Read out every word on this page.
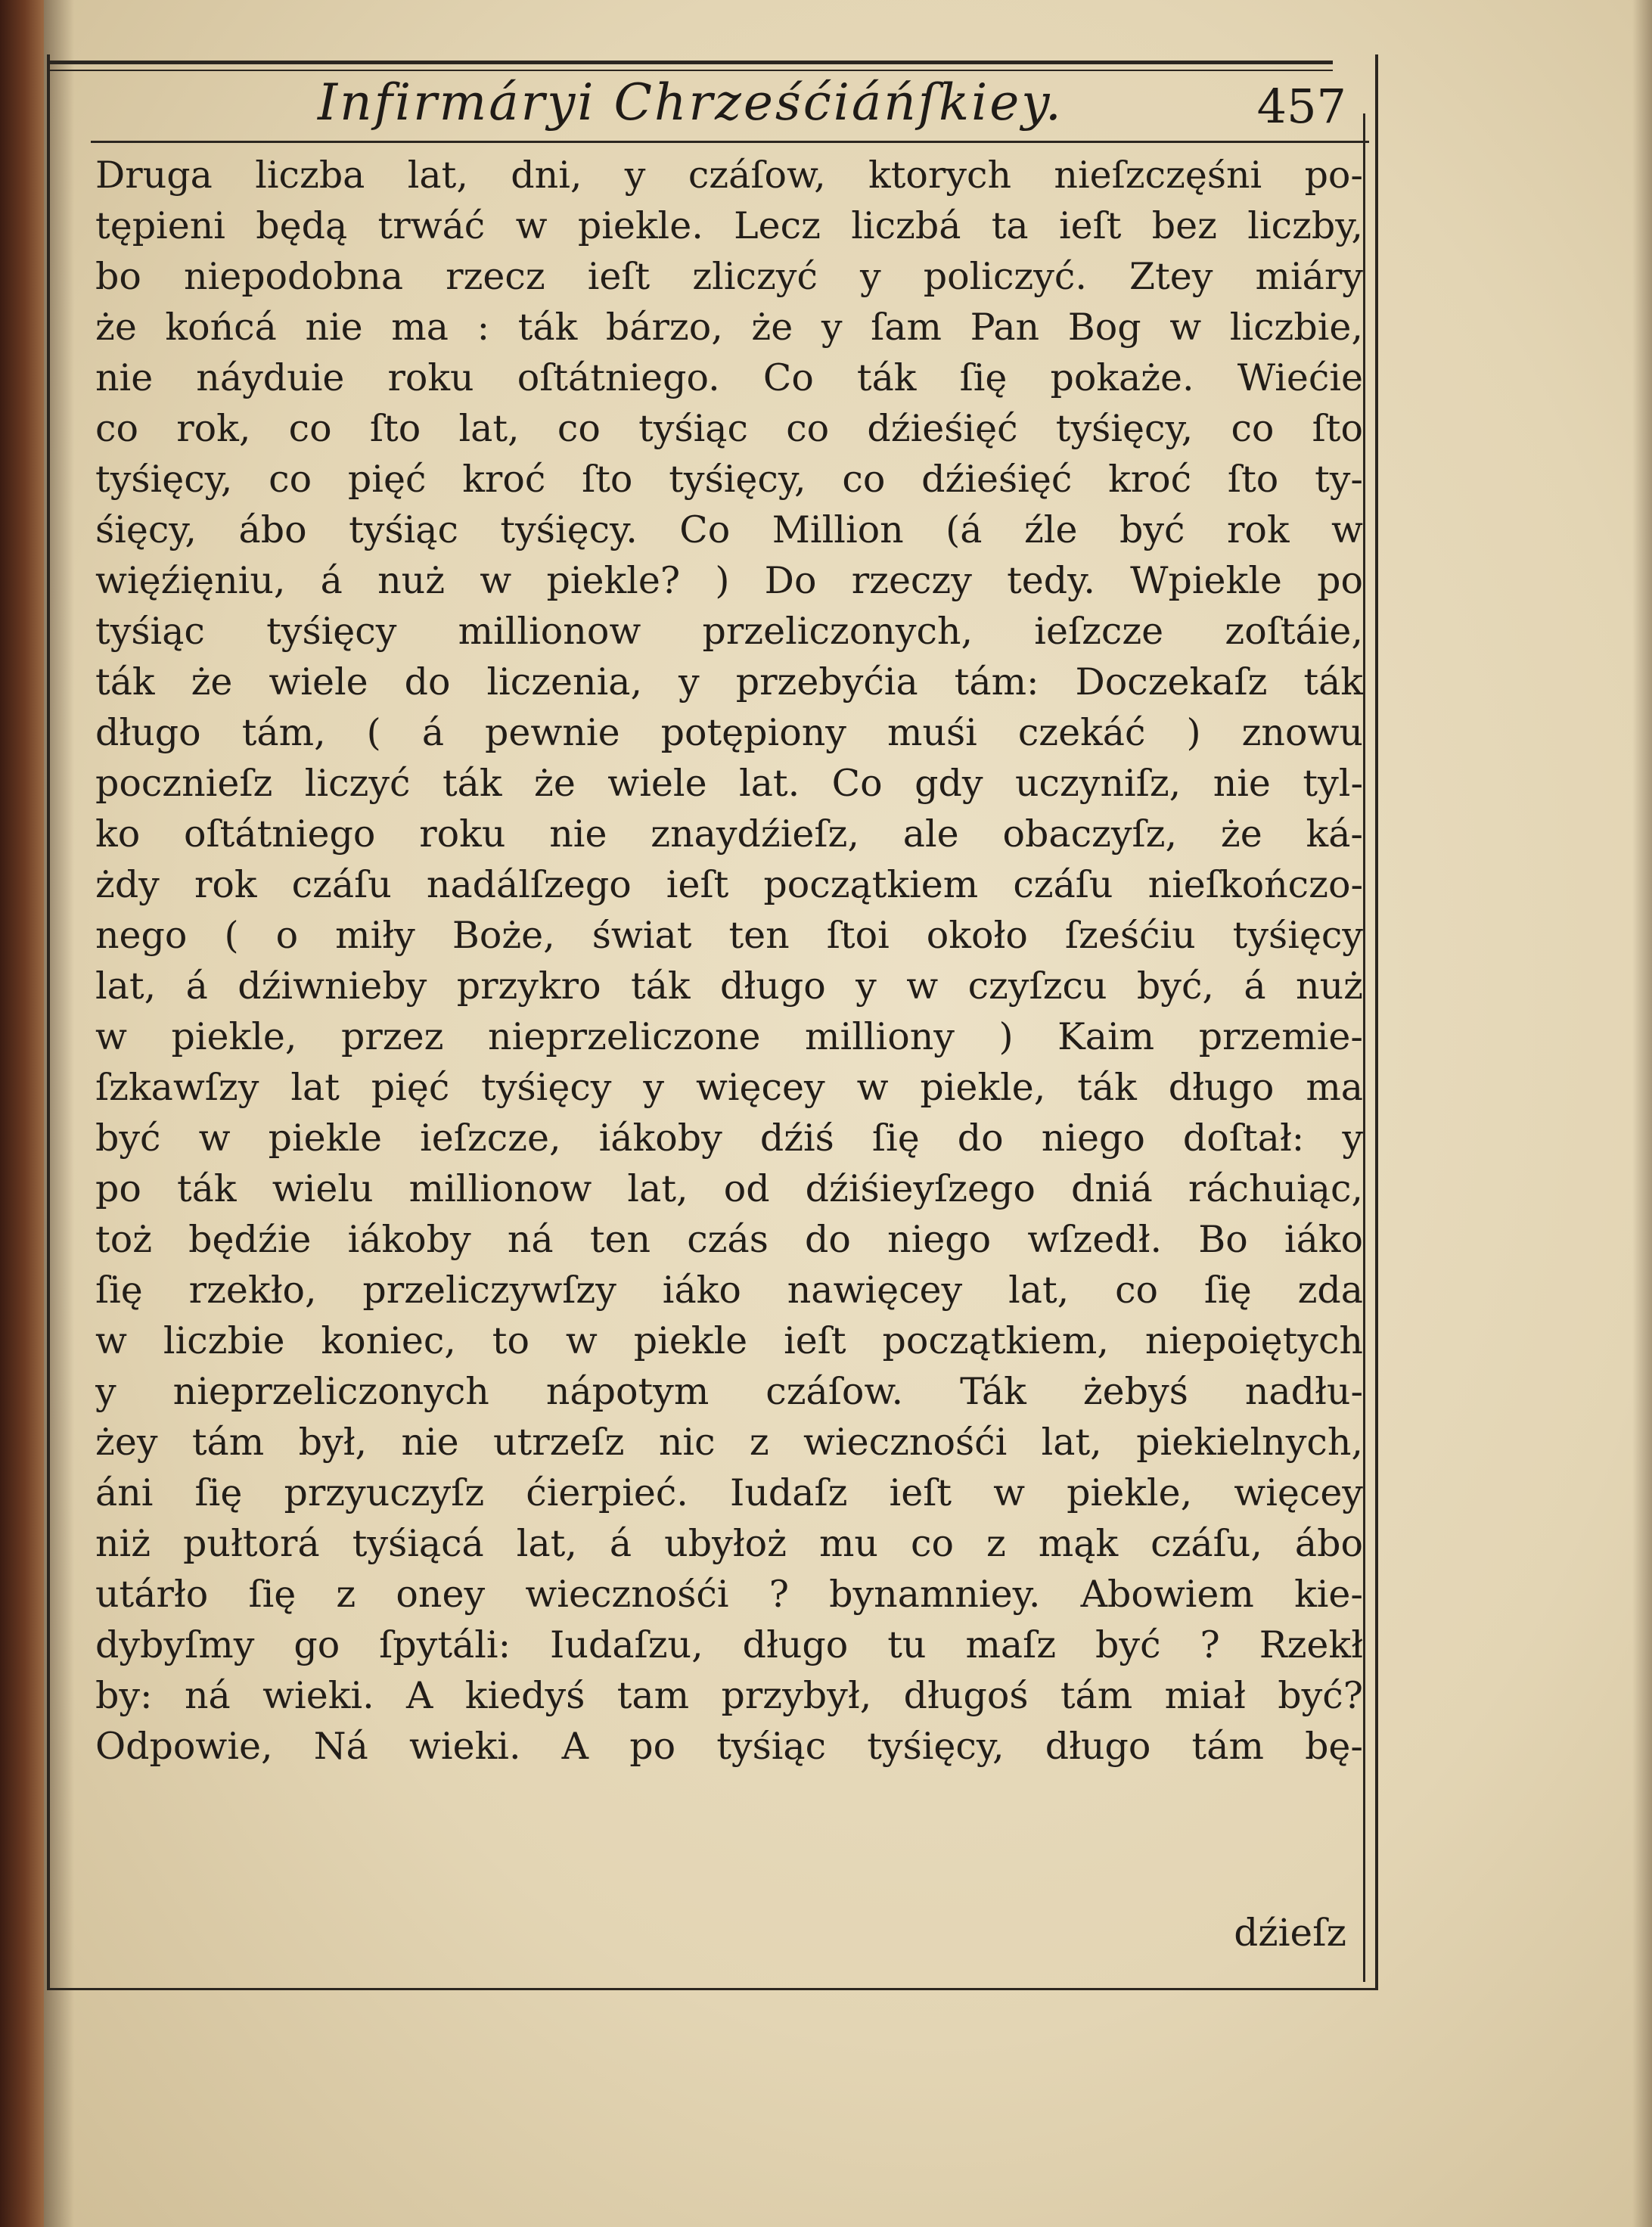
Infirmáryi Chrześćiáńſkiey.	457
Druga liczba lat, dni, y czáſow, ktorych nieſzczęśni po-
tępieni będą trwáć w piekle. Lecz liczbá ta ieſt bez liczby,
bo niepodobna rzecz ieſt zliczyć y policzyć. Ztey miáry
że końcá nie ma : ták bárzo, że y ſam Pan Bog w liczbie,
nie náyduie roku oſtátniego. Co ták ſię pokaże. Wiećie
co rok, co ſto lat, co tyśiąc co dźieśięć tyśięcy, co ſto
tyśięcy, co pięć kroć ſto tyśięcy, co dźieśięć kroć ſto ty-
śięcy, ábo tyśiąc tyśięcy. Co Million (á źle być rok w
więźięniu, á nuż w piekle? ) Do rzeczy tedy. Wpiekle po
tyśiąc tyśięcy millionow przeliczonych, ieſzcze zoſtáie,
ták że wiele do liczenia, y przebyćia tám: Doczekaſz ták
długo tám, ( á pewnie potępiony muśi czekáć ) znowu
pocznieſz liczyć ták że wiele lat. Co gdy uczyniſz, nie tyl-
ko oſtátniego roku nie znaydźieſz, ale obaczyſz, że ká-
żdy rok czáſu nadálſzego ieſt początkiem czáſu nieſkończo-
nego ( o miły Boże, świat ten ſtoi około ſześćiu tyśięcy
lat, á dźiwnieby przykro ták długo y w czyſzcu być, á nuż
w piekle, przez nieprzeliczone milliony ) Kaim przemie-
ſzkawſzy lat pięć tyśięcy y więcey w piekle, ták długo ma
być w piekle ieſzcze, iákoby dźiś ſię do niego doſtał: y
po ták wielu millionow lat, od dźiśieyſzego dniá ráchuiąc,
toż będźie iákoby ná ten czás do niego wſzedł. Bo iáko
ſię rzekło, przeliczywſzy iáko nawięcey lat, co ſię zda
w liczbie koniec, to w piekle ieſt początkiem, niepoiętych
y nieprzeliczonych nápotym czáſow. Ták żebyś nadłu-
żey tám był, nie utrzeſz nic z wiecznośći lat, piekielnych,
áni ſię przyuczyſz ćierpieć. Iudaſz ieſt w piekle, więcey
niż pułtorá tyśiącá lat, á ubyłoż mu co z mąk czáſu, ábo
utárło ſię z oney wiecznośći ? bynamniey. Abowiem kie-
dybyſmy go ſpytáli: Iudaſzu, długo tu maſz być ? Rzekł
by: ná wieki. A kiedyś tam przybył, długoś tám miał być?
Odpowie, Ná wieki. A po tyśiąc tyśięcy, długo tám bę-
dźieſz
